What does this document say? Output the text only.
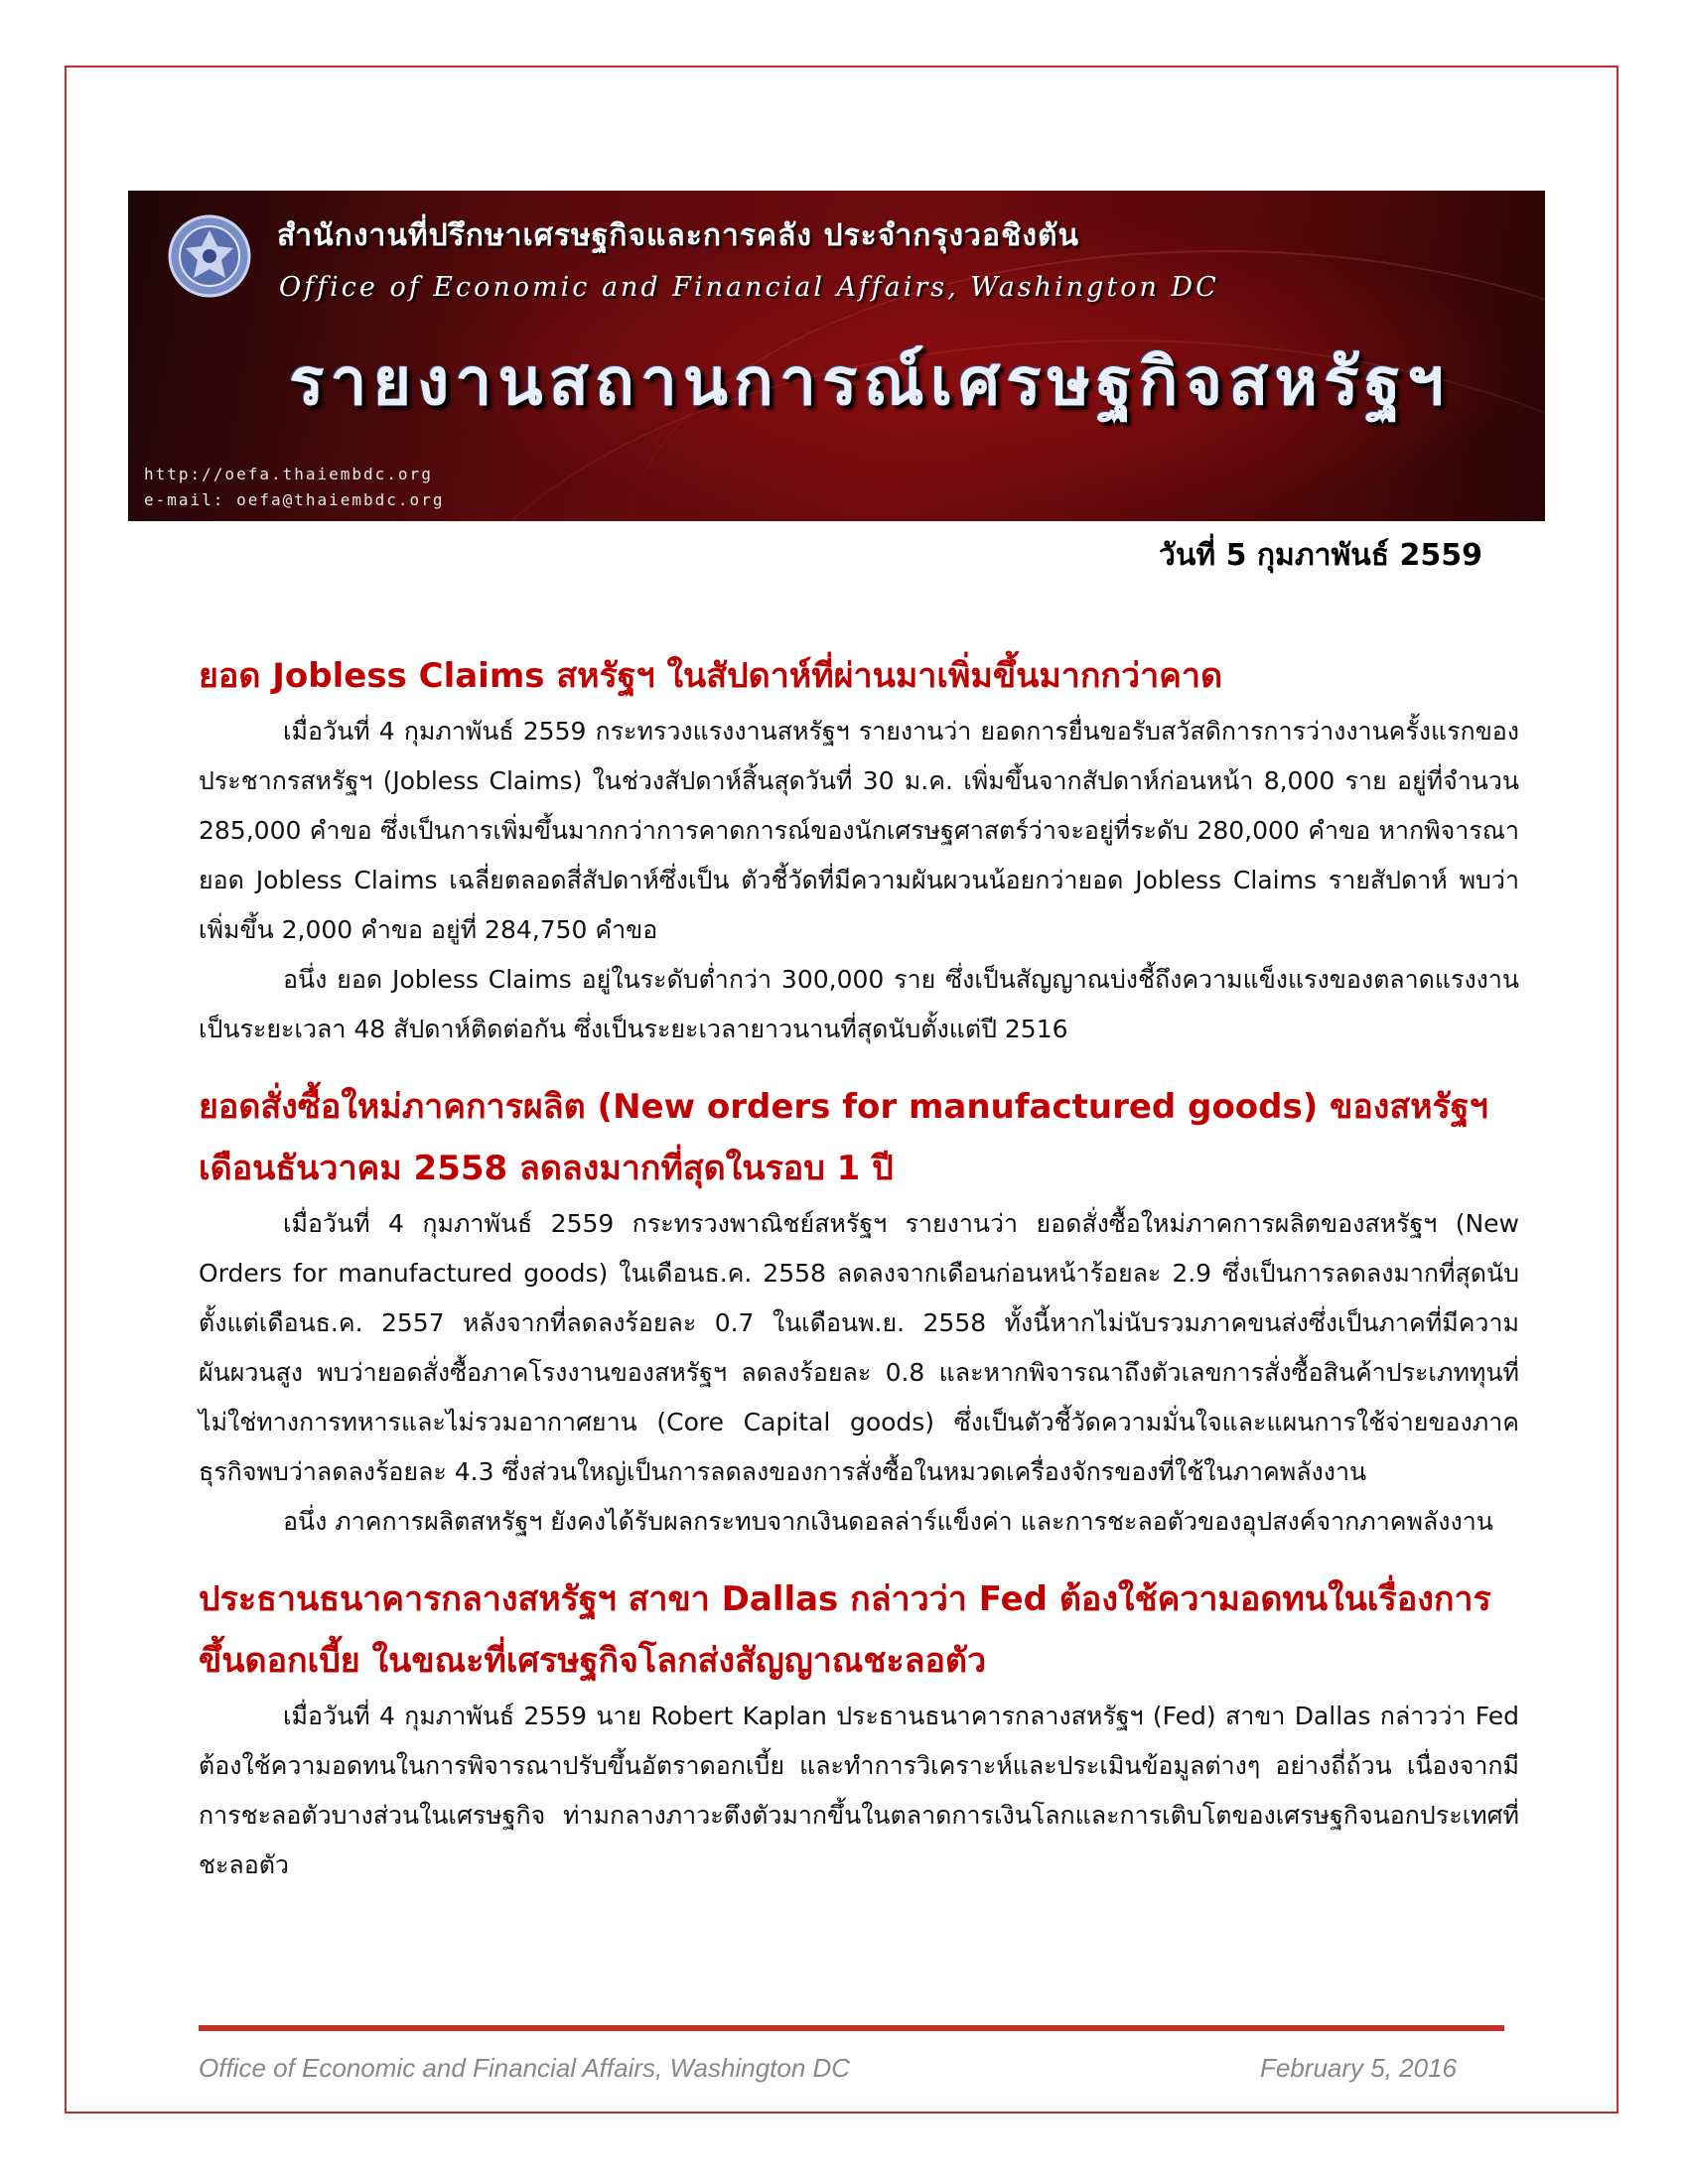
สำนักงานที่ปรึกษาเศรษฐกิจและการคลัง ประจำกรุงวอชิงตัน
Office of Economic and Financial Affairs, Washington DC
รายงานสถานการณ์เศรษฐกิจสหรัฐฯ
http://oefa.thaiembdc.org
e-mail: oefa@thaiembdc.org
วันที่ 5 กุมภาพันธ์ 2559
ยอด Jobless Claims สหรัฐฯ ในสัปดาห์ที่ผ่านมาเพิ่มขึ้นมากกว่าคาด

เมื่อวันที่ 4 กุมภาพันธ์ 2559 กระทรวงแรงงานสหรัฐฯ รายงานว่า ยอดการยื่นขอรับสวัสดิการการว่างงานครั้งแรกของประชากรสหรัฐฯ (Jobless Claims) ในช่วงสัปดาห์สิ้นสุดวันที่ 30 ม.ค. เพิ่มขึ้นจากสัปดาห์ก่อนหน้า 8,000 ราย อยู่ที่จำนวน 285,000 คำขอ ซึ่งเป็นการเพิ่มขึ้นมากกว่าการคาดการณ์ของนักเศรษฐศาสตร์ว่าจะอยู่ที่ระดับ 280,000 คำขอ หากพิจารณายอด Jobless Claims เฉลี่ยตลอดสี่สัปดาห์ซึ่งเป็น ตัวชี้วัดที่มีความผันผวนน้อยกว่ายอด Jobless Claims รายสัปดาห์ พบว่าเพิ่มขึ้น 2,000 คำขอ อยู่ที่ 284,750 คำขอ

อนึ่ง ยอด Jobless Claims อยู่ในระดับต่ำกว่า 300,000 ราย ซึ่งเป็นสัญญาณบ่งชี้ถึงความแข็งแรงของตลาดแรงงาน เป็นระยะเวลา 48 สัปดาห์ติดต่อกัน ซึ่งเป็นระยะเวลายาวนานที่สุดนับตั้งแต่ปี 2516

ยอดสั่งซื้อใหม่ภาคการผลิต (New orders for manufactured goods) ของสหรัฐฯ เดือนธันวาคม 2558 ลดลงมากที่สุดในรอบ 1 ปี

เมื่อวันที่ 4 กุมภาพันธ์ 2559 กระทรวงพาณิชย์สหรัฐฯ รายงานว่า ยอดสั่งซื้อใหม่ภาคการผลิตของสหรัฐฯ (New Orders for manufactured goods) ในเดือนธ.ค. 2558 ลดลงจากเดือนก่อนหน้าร้อยละ 2.9 ซึ่งเป็นการลดลงมากที่สุดนับตั้งแต่เดือนธ.ค. 2557 หลังจากที่ลดลงร้อยละ 0.7 ในเดือนพ.ย. 2558 ทั้งนี้หากไม่นับรวมภาคขนส่งซึ่งเป็นภาคที่มีความผันผวนสูง พบว่ายอดสั่งซื้อภาคโรงงานของสหรัฐฯ ลดลงร้อยละ 0.8 และหากพิจารณาถึงตัวเลขการสั่งซื้อสินค้าประเภททุนที่ไม่ใช่ทางการทหารและไม่รวมอากาศยาน (Core Capital goods) ซึ่งเป็นตัวชี้วัดความมั่นใจและแผนการใช้จ่ายของภาคธุรกิจพบว่าลดลงร้อยละ 4.3 ซึ่งส่วนใหญ่เป็นการลดลงของการสั่งซื้อในหมวดเครื่องจักรของที่ใช้ในภาคพลังงาน

อนึ่ง ภาคการผลิตสหรัฐฯ ยังคงได้รับผลกระทบจากเงินดอลล่าร์แข็งค่า และการชะลอตัวของอุปสงค์จากภาคพลังงาน

ประธานธนาคารกลางสหรัฐฯ สาขา Dallas กล่าวว่า Fed ต้องใช้ความอดทนในเรื่องการขึ้นดอกเบี้ย ในขณะที่เศรษฐกิจโลกส่งสัญญาณชะลอตัว

เมื่อวันที่ 4 กุมภาพันธ์ 2559 นาย Robert Kaplan ประธานธนาคารกลางสหรัฐฯ (Fed) สาขา Dallas กล่าวว่า Fed ต้องใช้ความอดทนในการพิจารณาปรับขึ้นอัตราดอกเบี้ย และทำการวิเคราะห์และประเมินข้อมูลต่างๆ อย่างถี่ถ้วน เนื่องจากมีการชะลอตัวบางส่วนในเศรษฐกิจ ท่ามกลางภาวะตึงตัวมากขึ้นในตลาดการเงินโลกและการเติบโตของเศรษฐกิจนอกประเทศที่ชะลอตัว

Office of Economic and Financial Affairs, Washington DC	February 5, 2016
